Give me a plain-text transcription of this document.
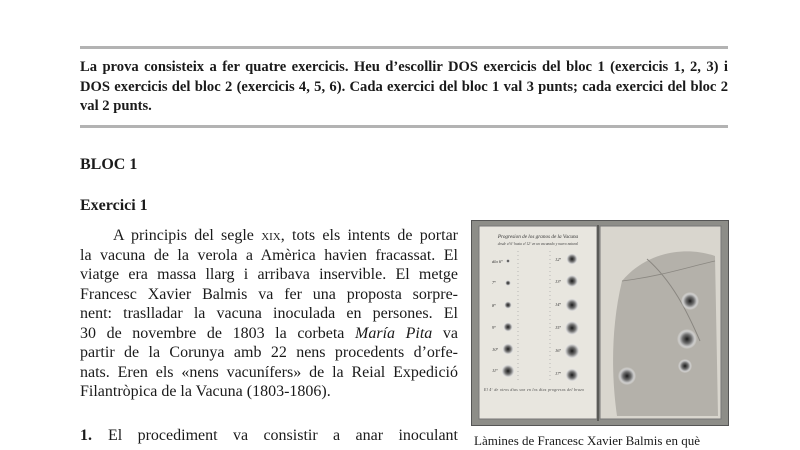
La prova consisteix a fer quatre exercicis. Heu d’escollir DOS exercicis del bloc 1 (exercicis 1, 2, 3) i DOS exercicis del bloc 2 (exercicis 4, 5, 6). Cada exercici del bloc 1 val 3 punts; cada exercici del bloc 2 val 2 punts.
BLOC 1
Exercici 1
A principis del segle xix, tots els intents de portar
la vacuna de la verola a Amèrica havien fracassat. El
viatge era massa llarg i arribava inservible. El metge
Francesc Xavier Balmis va fer una proposta sorpre-
nent: traslladar la vacuna inoculada en persones. El
30 de novembre de 1803 la corbeta María Pita va
partir de la Corunya amb 22 nens procedents d’orfe-
nats. Eren els «nens vacunífers» de la Reial Expedició
Filantròpica de la Vacuna (1803-1806).
1. El procediment va consistir a anar inoculant
Progresion de los granos de la Vacuna
desde el 6º hasta el 12º en un vacunado y nuevo natural
día 6º
7º
8º
9º
10º
11º
12º
13º
14º
15º
16º
17º
El 4º de otros dias son en los dias progresos del brazo
Làmines de Francesc Xavier Balmis en què
